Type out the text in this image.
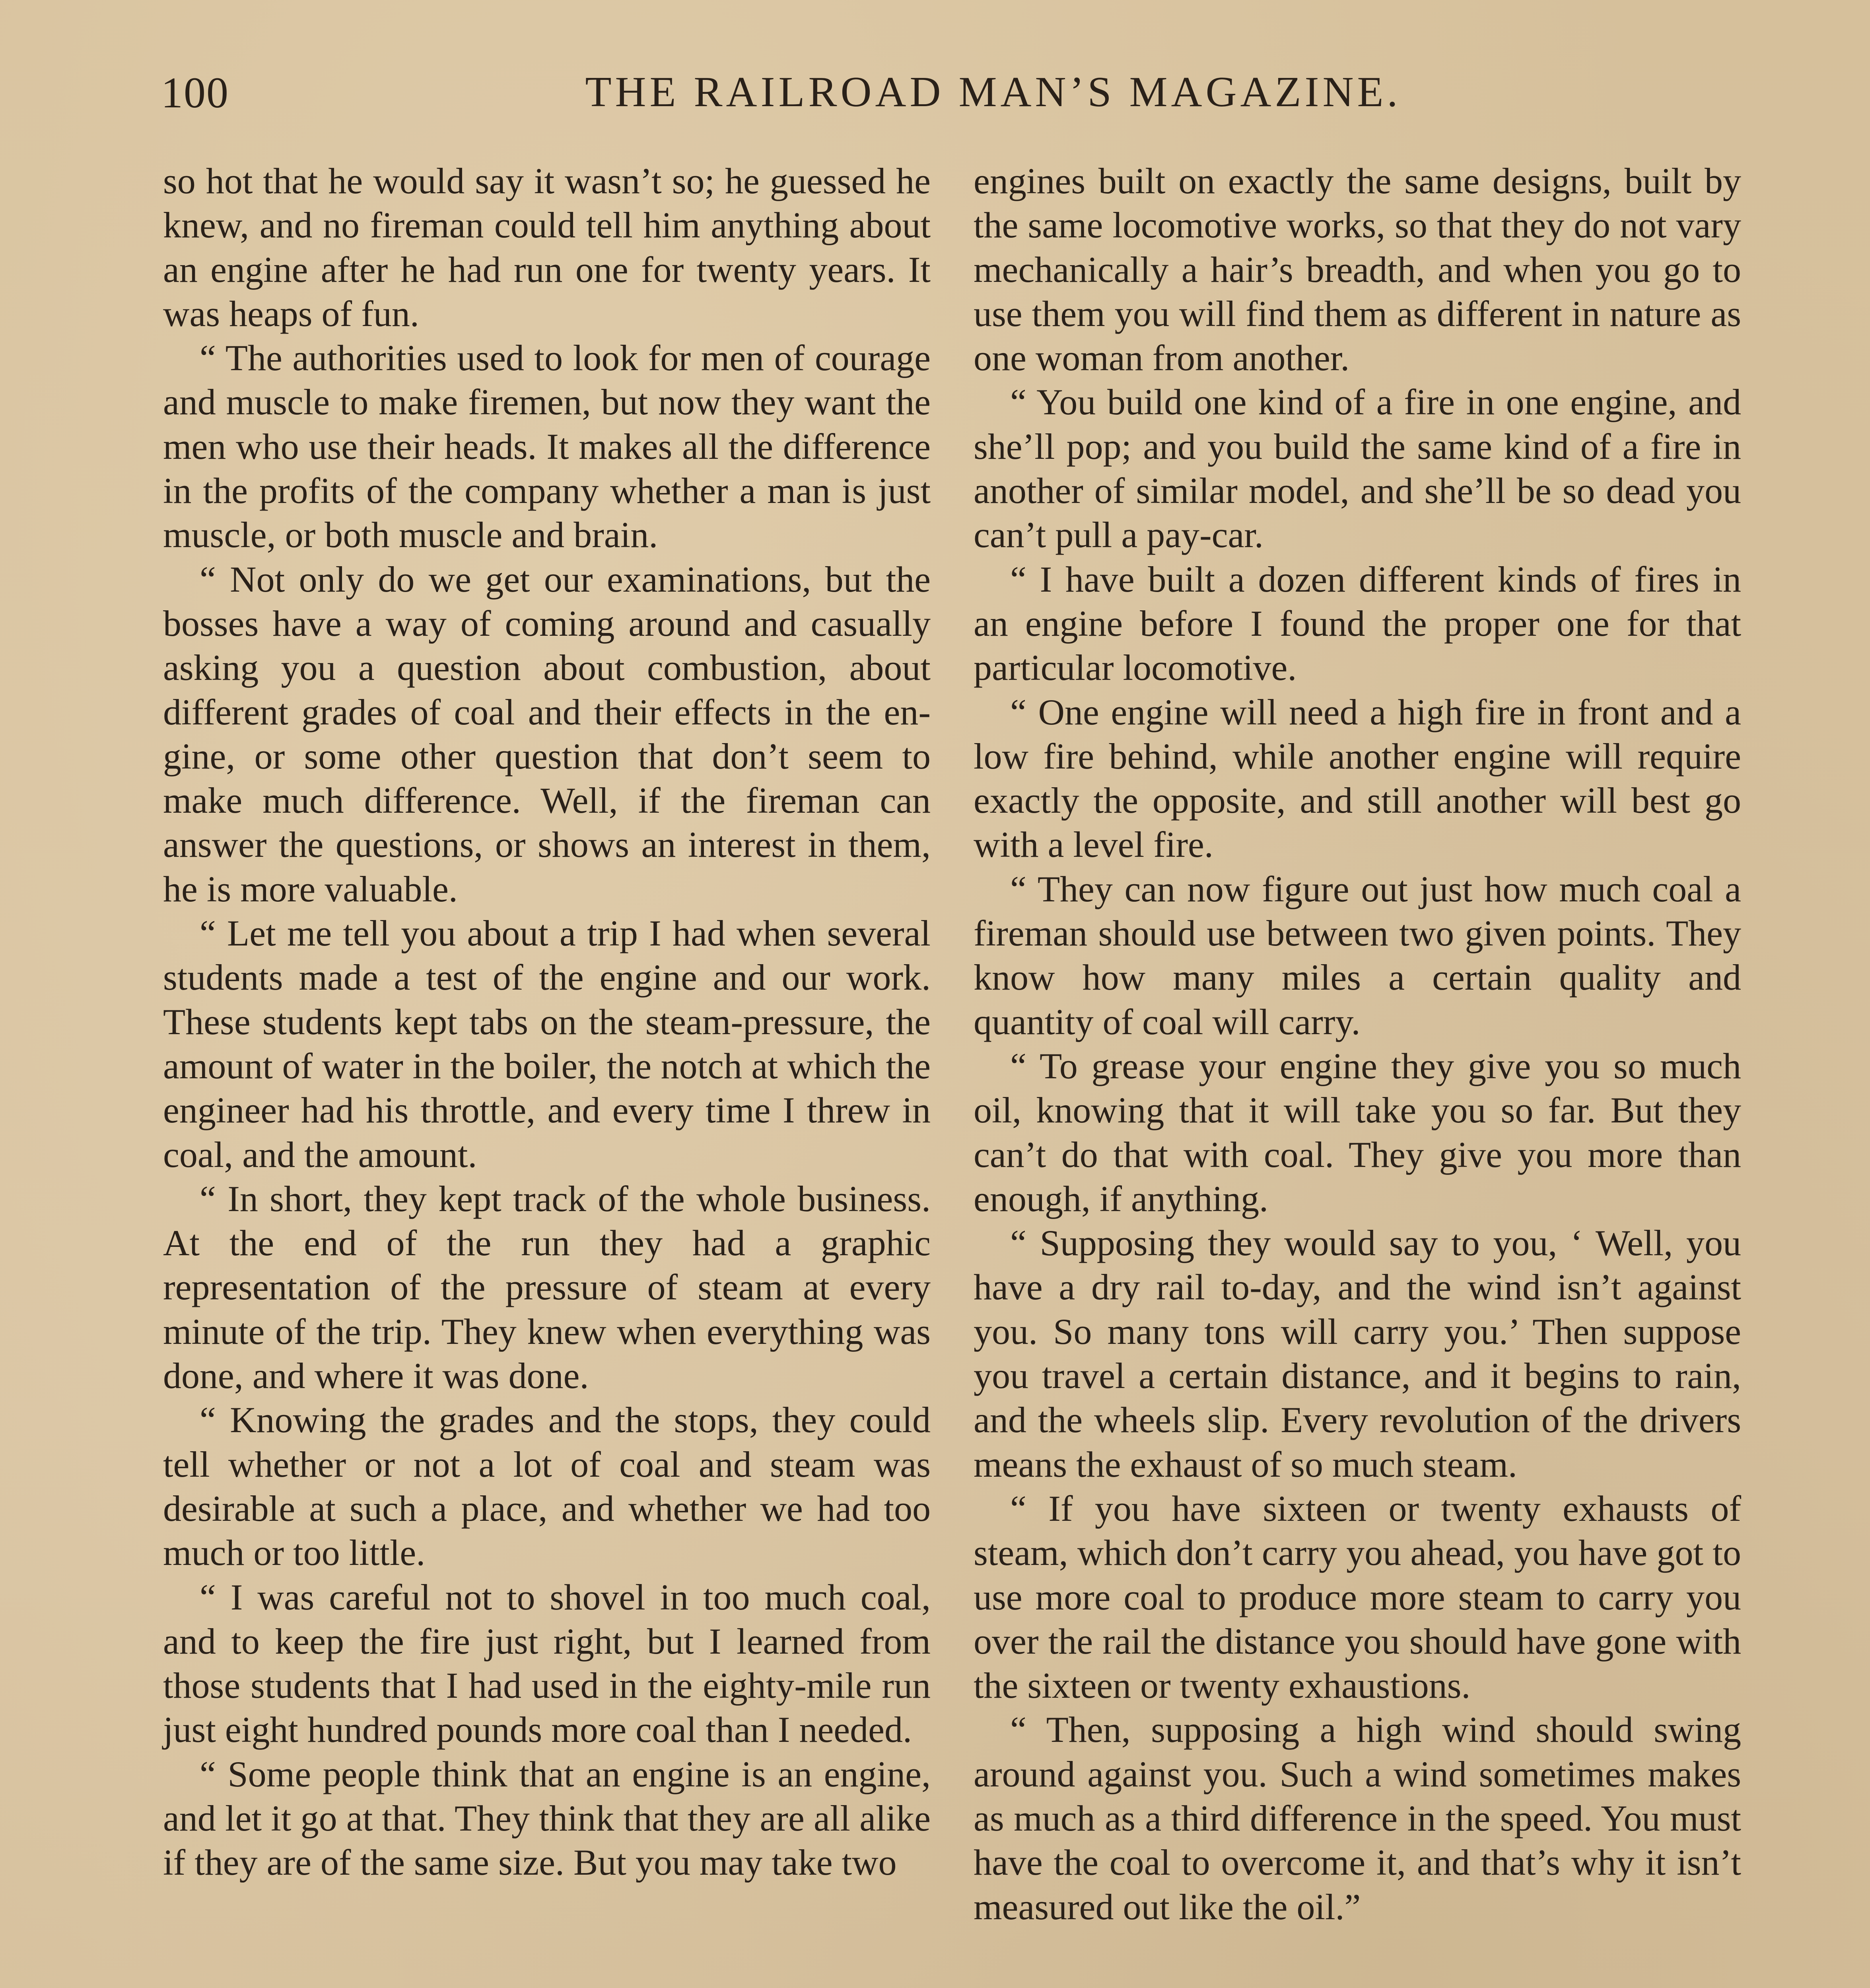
100	THE RAILROAD MAN’S MAGAZINE.

so hot that he would say it wasn’t so; he guessed he knew, and no fireman could tell him anything about an engine after he had run one for twenty years. It was heaps of fun.

“ The authorities used to look for men of courage and muscle to make firemen, but now they want the men who use their heads. It makes all the difference in the profits of the company whether a man is just muscle, or both muscle and brain.

“ Not only do we get our examinations, but the bosses have a way of coming around and casually asking you a question about combustion, about different grades of coal and their effects in the engine, or some other question that don’t seem to make much difference. Well, if the fireman can answer the questions, or shows an interest in them, he is more valuable.

“ Let me tell you about a trip I had when several students made a test of the engine and our work. These students kept tabs on the steam-pressure, the amount of water in the boiler, the notch at which the engineer had his throttle, and every time I threw in coal, and the amount.

“ In short, they kept track of the whole business. At the end of the run they had a graphic representation of the pressure of steam at every minute of the trip. They knew when everything was done, and where it was done.

“ Knowing the grades and the stops, they could tell whether or not a lot of coal and steam was desirable at such a place, and whether we had too much or too little.

“ I was careful not to shovel in too much coal, and to keep the fire just right, but I learned from those students that I had used in the eighty-mile run just eight hundred pounds more coal than I needed.

“ Some people think that an engine is an engine, and let it go at that. They think that they are all alike if they are of the same size. But you may take two

engines built on exactly the same designs, built by the same locomotive works, so that they do not vary mechanically a hair’s breadth, and when you go to use them you will find them as different in nature as one woman from another.

“ You build one kind of a fire in one engine, and she’ll pop; and you build the same kind of a fire in another of similar model, and she’ll be so dead you can’t pull a pay-car.

“ I have built a dozen different kinds of fires in an engine before I found the proper one for that particular locomotive.

“ One engine will need a high fire in front and a low fire behind, while another engine will require exactly the opposite, and still another will best go with a level fire.

“ They can now figure out just how much coal a fireman should use between two given points. They know how many miles a certain quality and quantity of coal will carry.

“ To grease your engine they give you so much oil, knowing that it will take you so far. But they can’t do that with coal. They give you more than enough, if anything.

“ Supposing they would say to you, ‘ Well, you have a dry rail to-day, and the wind isn’t against you. So many tons will carry you.’ Then suppose you travel a certain distance, and it begins to rain, and the wheels slip. Every revolution of the drivers means the exhaust of so much steam.

“ If you have sixteen or twenty exhausts of steam, which don’t carry you ahead, you have got to use more coal to produce more steam to carry you over the rail the distance you should have gone with the sixteen or twenty exhaustions.

“ Then, supposing a high wind should swing around against you. Such a wind sometimes makes as much as a third difference in the speed. You must have the coal to overcome it, and that’s why it isn’t measured out like the oil.”
